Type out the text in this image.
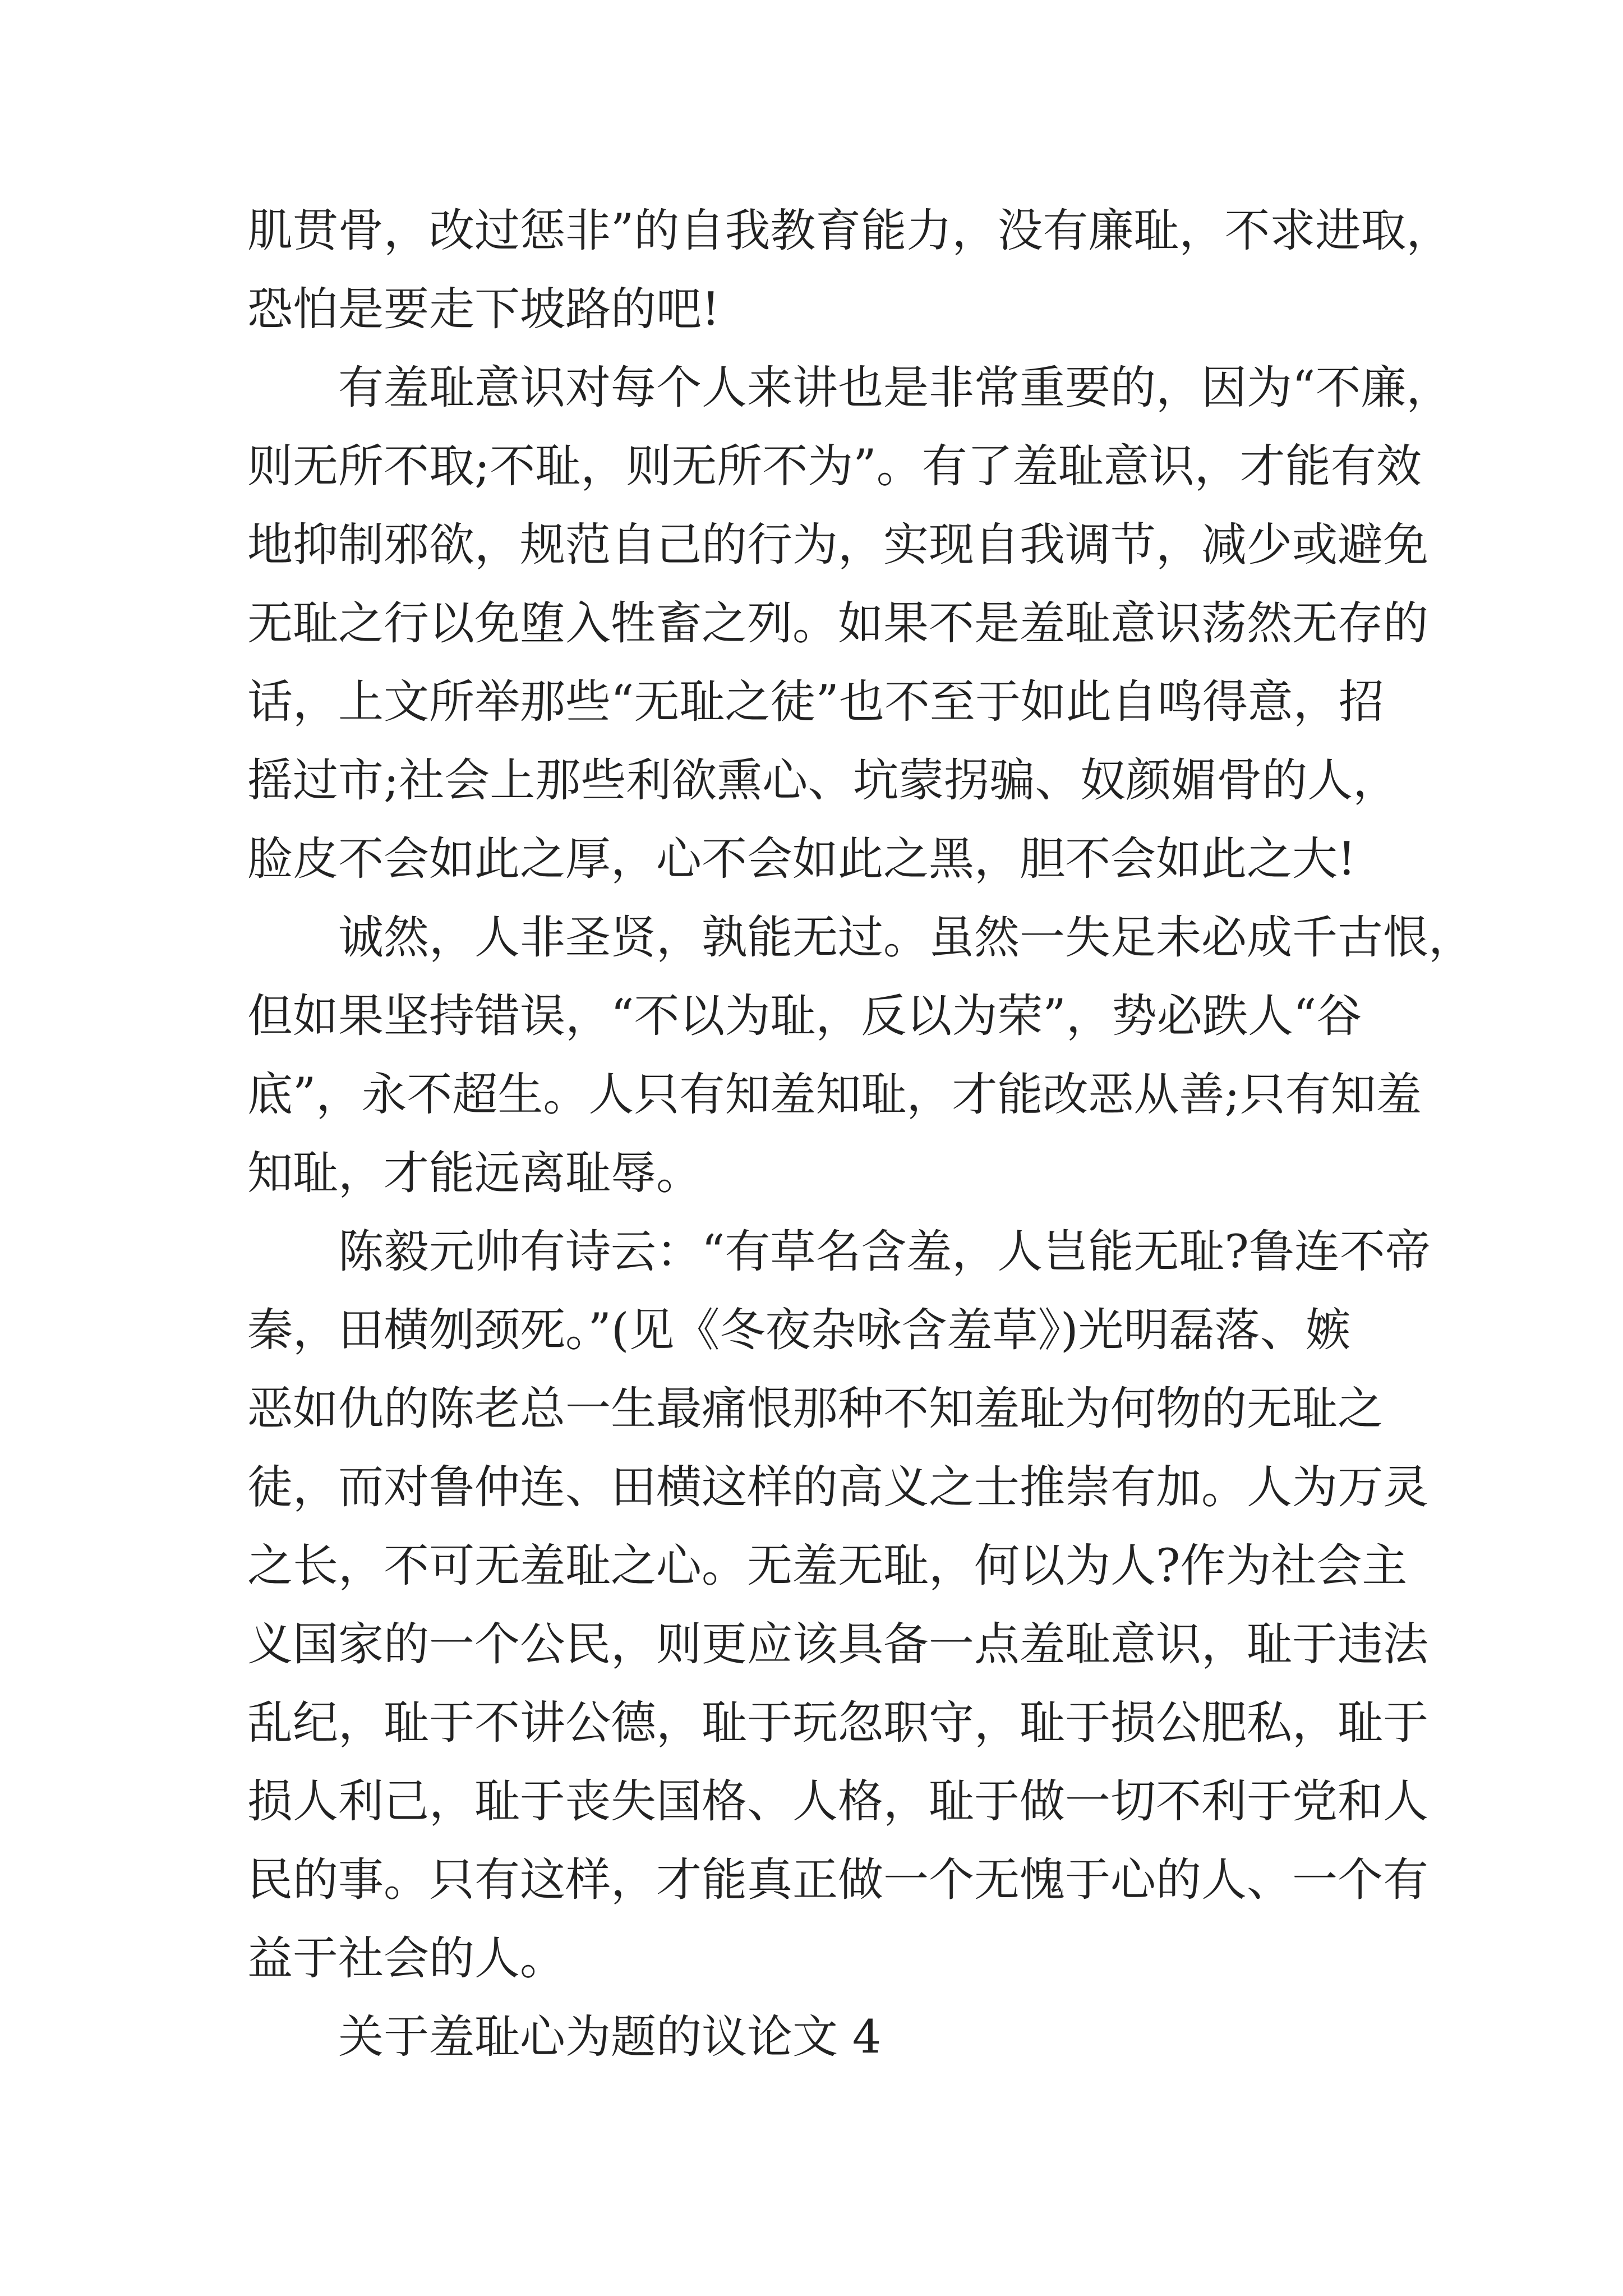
肌贯骨，改过惩非”的自我教育能力，没有廉耻，不求进取，
恐怕是要走下坡路的吧!
　　有羞耻意识对每个人来讲也是非常重要的，因为“不廉，
则无所不取;不耻，则无所不为”。有了羞耻意识，才能有效
地抑制邪欲，规范自己的行为，实现自我调节，减少或避免
无耻之行以免堕入牲畜之列。如果不是羞耻意识荡然无存的
话，上文所举那些“无耻之徒”也不至于如此自鸣得意，招
摇过市;社会上那些利欲熏心、坑蒙拐骗、奴颜媚骨的人，
脸皮不会如此之厚，心不会如此之黑，胆不会如此之大!
　　诚然，人非圣贤，孰能无过。虽然一失足未必成千古恨，
但如果坚持错误，“不以为耻，反以为荣”，势必跌人“谷
底”，永不超生。人只有知羞知耻，才能改恶从善;只有知羞
知耻，才能远离耻辱。
　　陈毅元帅有诗云：“有草名含羞，人岂能无耻?鲁连不帝
秦，田横刎颈死。”(见《冬夜杂咏含羞草》)光明磊落、嫉
恶如仇的陈老总一生最痛恨那种不知羞耻为何物的无耻之
徒，而对鲁仲连、田横这样的高义之士推崇有加。人为万灵
之长，不可无羞耻之心。无羞无耻，何以为人?作为社会主
义国家的一个公民，则更应该具备一点羞耻意识，耻于违法
乱纪，耻于不讲公德，耻于玩忽职守，耻于损公肥私，耻于
损人利己，耻于丧失国格、人格，耻于做一切不利于党和人
民的事。只有这样，才能真正做一个无愧于心的人、一个有
益于社会的人。
　　关于羞耻心为题的议论文 4
